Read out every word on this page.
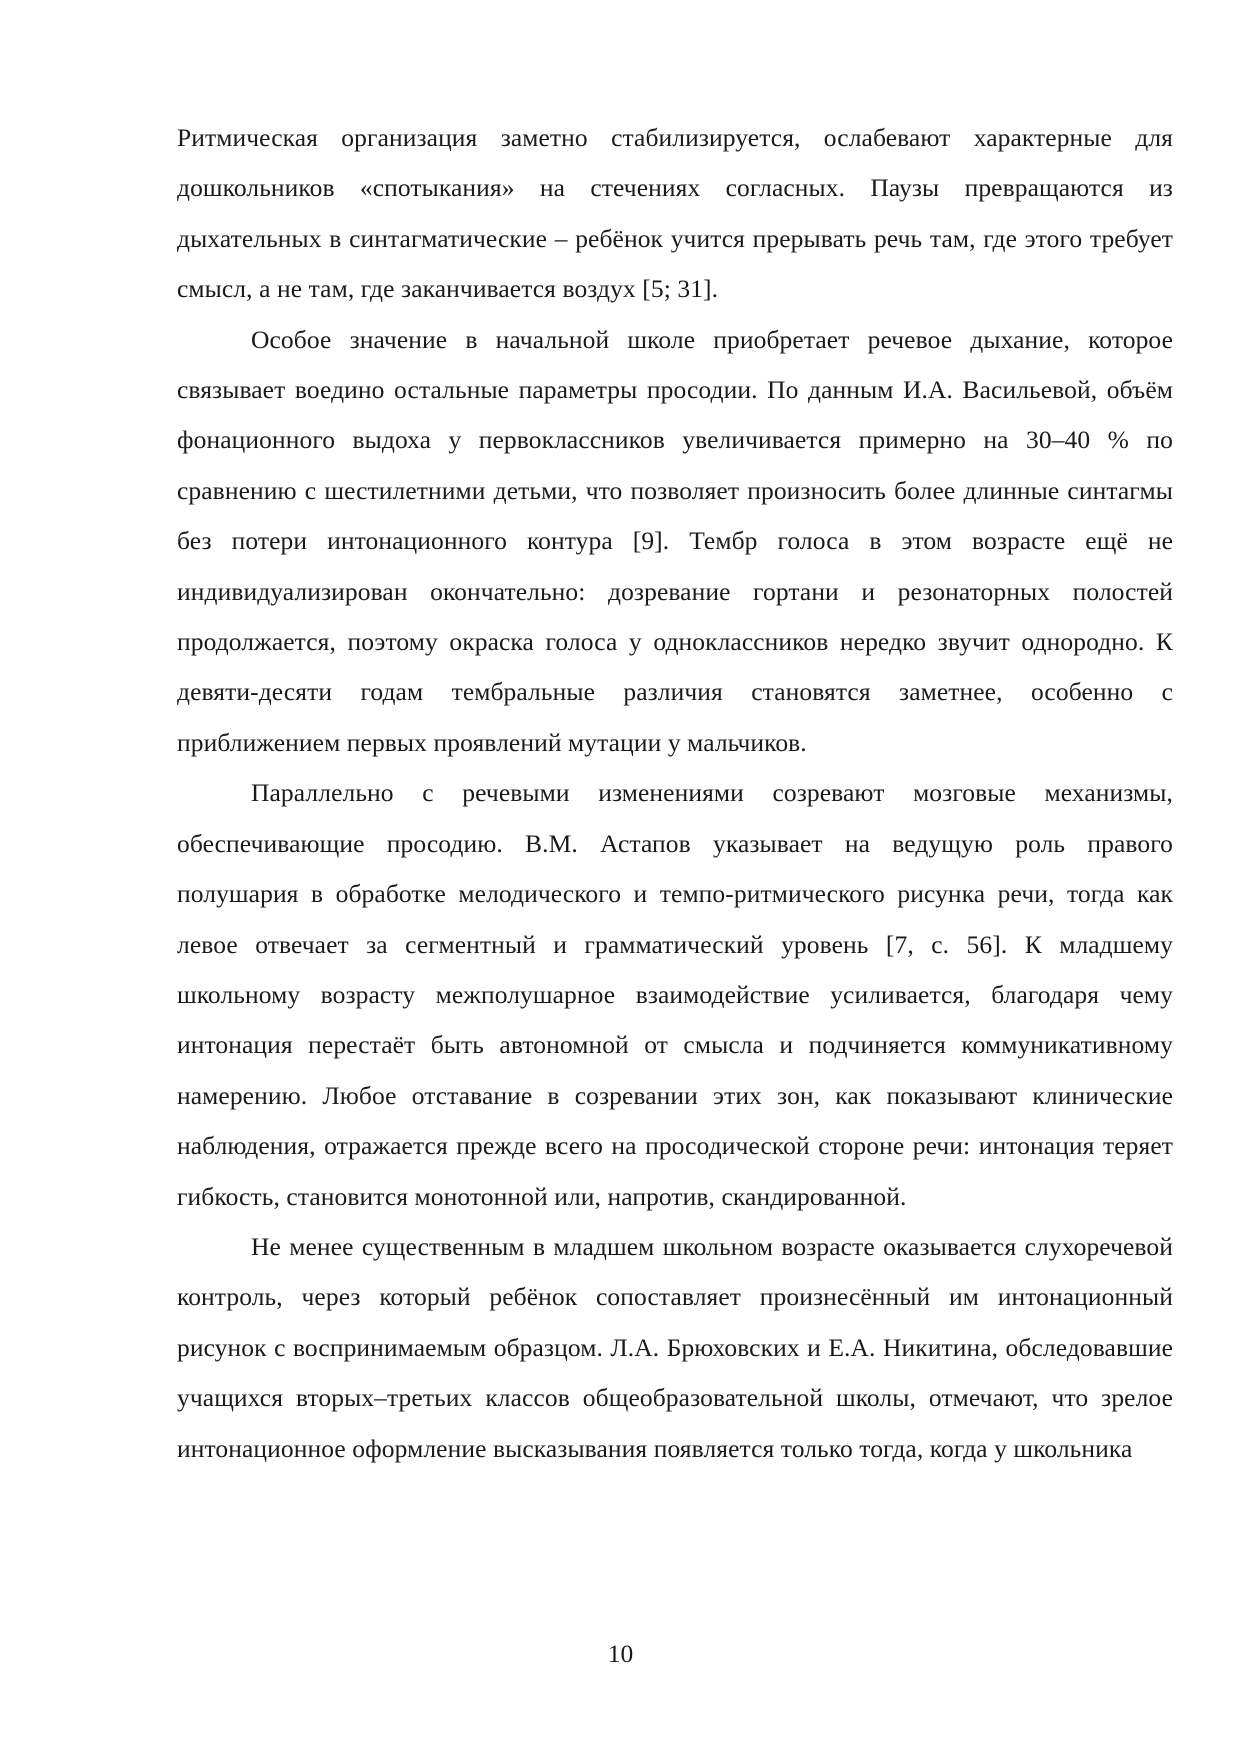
Ритмическая организация заметно стабилизируется, ослабевают характерные для дошкольников «спотыкания» на стечениях согласных. Паузы превращаются из дыхательных в синтагматические – ребёнок учится прерывать речь там, где этого требует смысл, а не там, где заканчивается воздух [5; 31].

Особое значение в начальной школе приобретает речевое дыхание, которое связывает воедино остальные параметры просодии. По данным И.А. Васильевой, объём фонационного выдоха у первоклассников увеличивается примерно на 30–40 % по сравнению с шестилетними детьми, что позволяет произносить более длинные синтагмы без потери интонационного контура [9]. Тембр голоса в этом возрасте ещё не индивидуализирован окончательно: дозревание гортани и резонаторных полостей продолжается, поэтому окраска голоса у одноклассников нередко звучит однородно. К девяти-десяти годам тембральные различия становятся заметнее, особенно с приближением первых проявлений мутации у мальчиков.

Параллельно с речевыми изменениями созревают мозговые механизмы, обеспечивающие просодию. В.М. Астапов указывает на ведущую роль правого полушария в обработке мелодического и темпо-ритмического рисунка речи, тогда как левое отвечает за сегментный и грамматический уровень [7, с. 56]. К младшему школьному возрасту межполушарное взаимодействие усиливается, благодаря чему интонация перестаёт быть автономной от смысла и подчиняется коммуникативному намерению. Любое отставание в созревании этих зон, как показывают клинические наблюдения, отражается прежде всего на просодической стороне речи: интонация теряет гибкость, становится монотонной или, напротив, скандированной.

Не менее существенным в младшем школьном возрасте оказывается слухоречевой контроль, через который ребёнок сопоставляет произнесённый им интонационный рисунок с воспринимаемым образцом. Л.А. Брюховских и Е.А. Никитина, обследовавшие учащихся вторых–третьих классов общеобразовательной школы, отмечают, что зрелое интонационное оформление высказывания появляется только тогда, когда у школьника

10
